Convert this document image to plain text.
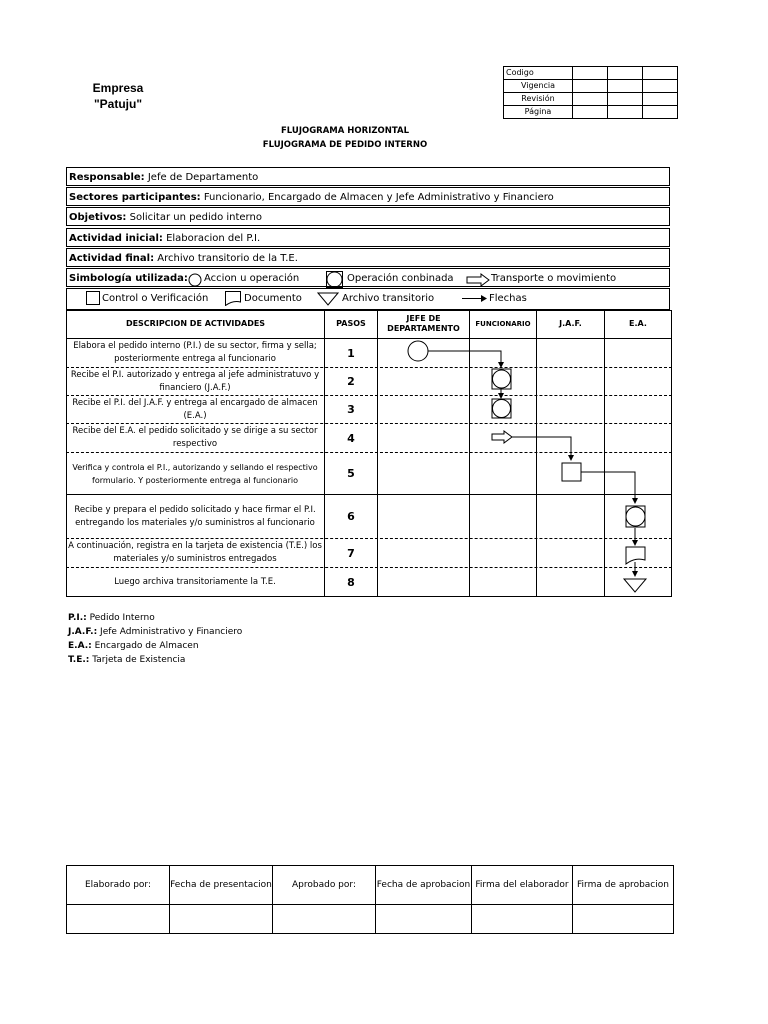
Empresa
"Patuju"
Codigo			
Vigencia			
Revisión			
Página			
FLUJOGRAMA HORIZONTAL
FLUJOGRAMA DE PEDIDO INTERNO
Responsable: Jefe de Departamento
Sectores participantes: Funcionario, Encargado de Almacen y Jefe Administrativo y Financiero
Objetivos: Solicitar un pedido interno
Actividad inicial: Elaboracion del P.I.
Actividad final: Archivo transitorio de la T.E.
Simbología utilizada: Accion u operación	Operación conbinada	Transporte o movimiento
Control o Verificación	Documento	Archivo transitorio	Flechas
DESCRIPCION DE ACTIVIDADES	PASOS
JEFE DE DEPARTAMENTO	FUNCIONARIO	J.A.F.	E.A.
Elabora el pedido interno (P.I.) de su sector, firma y sella; posteriormente entrega al funcionario	1
Recibe el P.I. autorizado y entrega al jefe administratuvo y financiero (J.A.F.)	2
Recibe el P.I. del J.A.F. y entrega al encargado de almacen (E.A.)	3
Recibe del E.A. el pedido solicitado y se dirige a su sector respectivo	4
Verifica y controla el P.I., autorizando y sellando el respectivo formulario. Y posteriormente entrega al funcionario	5
Recibe y prepara el pedido solicitado y hace firmar el P.I. entregando los materiales y/o suministros al funcionario	6
A continuación, registra en la tarjeta de existencia (T.E.) los materiales y/o suministros entregados	7
Luego archiva transitoriamente la T.E.	8
P.I.: Pedido Interno
J.A.F.: Jefe Administrativo y Financiero
E.A.: Encargado de Almacen
T.E.: Tarjeta de Existencia
Elaborado por:	Fecha de presentacion	Aprobado por:	Fecha de aprobacion	Firma del elaborador	Firma de aprobacion
